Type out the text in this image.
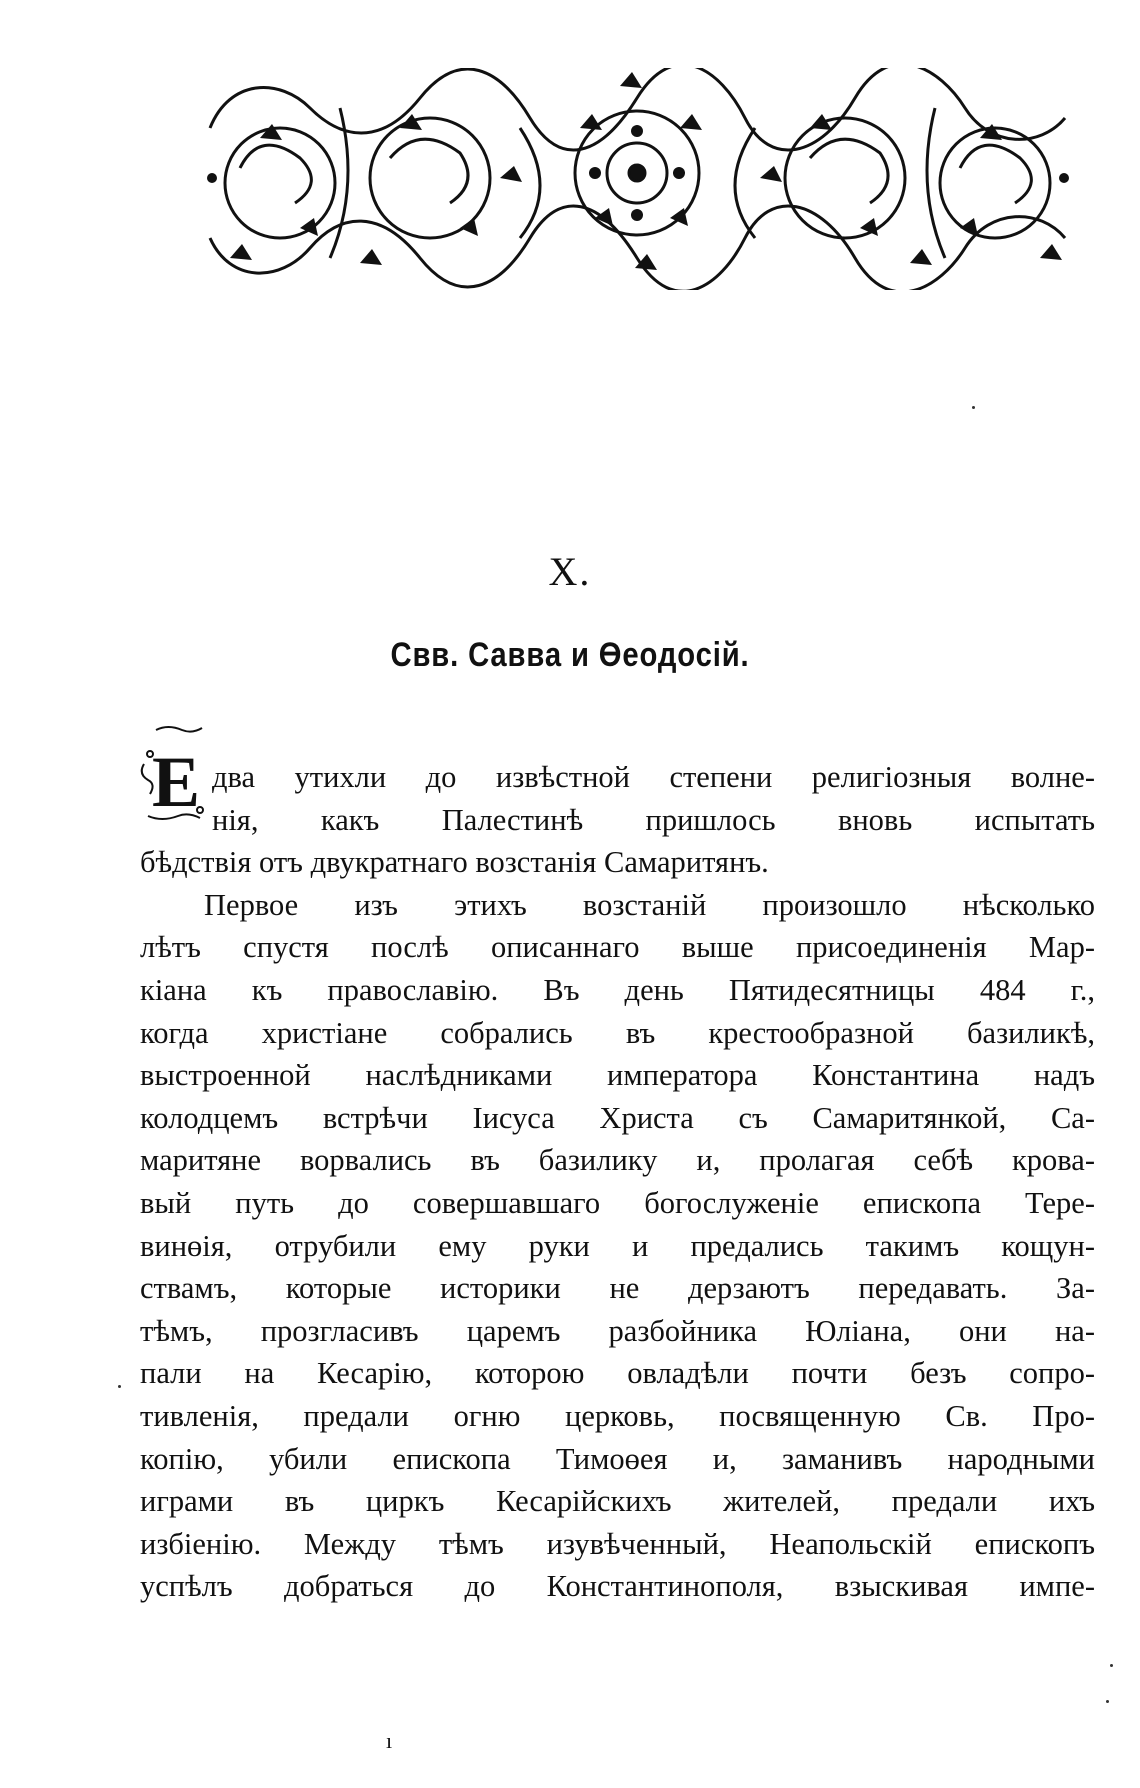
X.
Свв. Савва и Өеодосій.
Е два утихли до извѣстной степени религіозныя волне-
нія, какъ Палестинѣ пришлось вновь испытать
бѣдствія отъ двукратнаго возстанія Самаритянъ.
Первое изъ этихъ возстаній произошло нѣсколько
лѣтъ спустя послѣ описаннаго выше присоединенія Мар-
кіана къ православію. Въ день Пятидесятницы 484 г.,
когда христіане собрались въ крестообразной базиликѣ,
выстроенной наслѣдниками императора Константина надъ
колодцемъ встрѣчи Іисуса Христа съ Самаритянкой, Са-
маритяне ворвались въ базилику и, пролагая себѣ крова-
вый путь до совершавшаго богослуженіе епископа Тере-
винөія, отрубили ему руки и предались такимъ кощун-
ствамъ, которые историки не дерзаютъ передавать. За-
тѣмъ, прозгласивъ царемъ разбойника Юліана, они на-
пали на Кесарію, которою овладѣли почти безъ сопро-
тивленія, предали огню церковь, посвященную Св. Про-
копію, убили епископа Тимоөея и, заманивъ народными
играми въ циркъ Кесарійскихъ жителей, предали ихъ
избіенію. Между тѣмъ изувѣченный, Неапольскій епископъ
успѣлъ добраться до Константинополя, взыскивая импе-
ı
